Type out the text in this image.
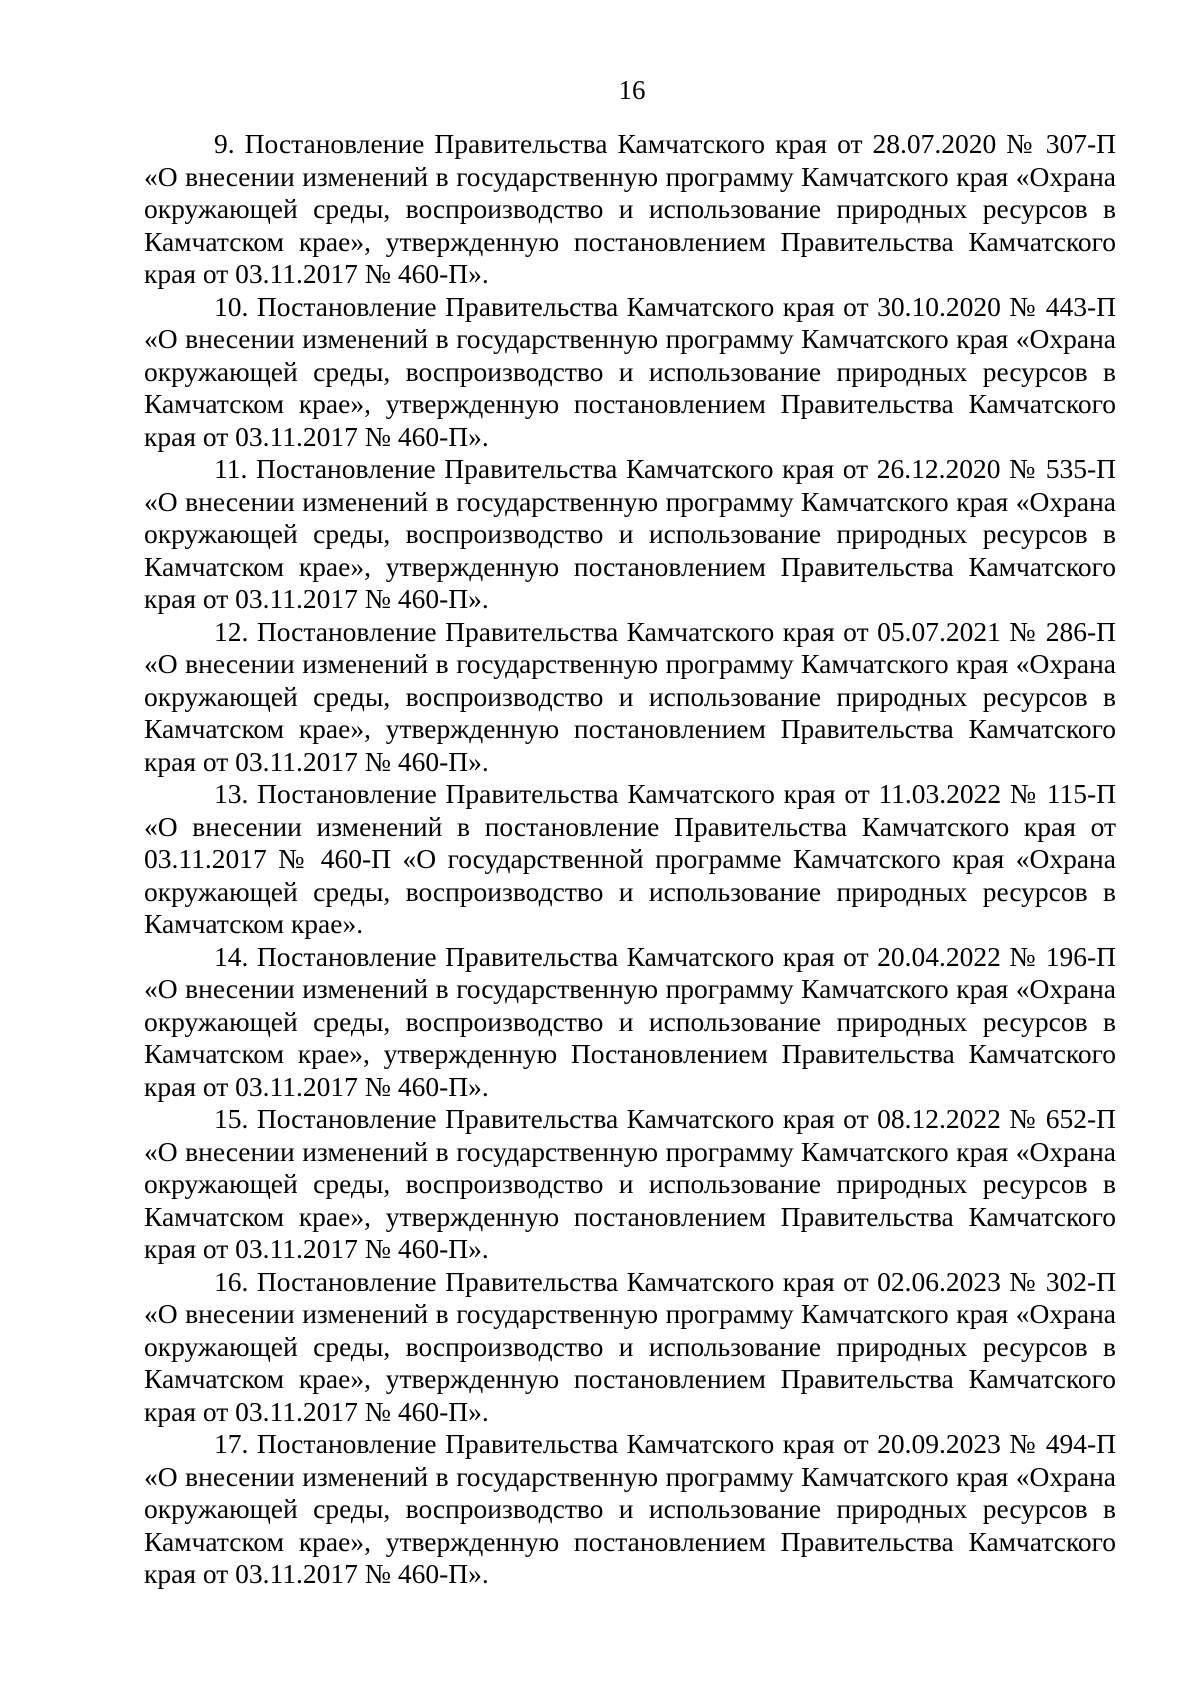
16

9. Постановление Правительства Камчатского края от 28.07.2020 № 307-П «О внесении изменений в государственную программу Камчатского края «Охрана окружающей среды, воспроизводство и использование природных ресурсов в Камчатском крае», утвержденную постановлением Правительства Камчатского края от 03.11.2017 № 460-П».

10. Постановление Правительства Камчатского края от 30.10.2020 № 443-П «О внесении изменений в государственную программу Камчатского края «Охрана окружающей среды, воспроизводство и использование природных ресурсов в Камчатском крае», утвержденную постановлением Правительства Камчатского края от 03.11.2017 № 460-П».

11. Постановление Правительства Камчатского края от 26.12.2020 № 535-П «О внесении изменений в государственную программу Камчатского края «Охрана окружающей среды, воспроизводство и использование природных ресурсов в Камчатском крае», утвержденную постановлением Правительства Камчатского края от 03.11.2017 № 460-П».

12. Постановление Правительства Камчатского края от 05.07.2021 № 286-П «О внесении изменений в государственную программу Камчатского края «Охрана окружающей среды, воспроизводство и использование природных ресурсов в Камчатском крае», утвержденную постановлением Правительства Камчатского края от 03.11.2017 № 460-П».

13. Постановление Правительства Камчатского края от 11.03.2022 № 115-П «О внесении изменений в постановление Правительства Камчатского края от 03.11.2017 № 460-П «О государственной программе Камчатского края «Охрана окружающей среды, воспроизводство и использование природных ресурсов в Камчатском крае».

14. Постановление Правительства Камчатского края от 20.04.2022 № 196-П «О внесении изменений в государственную программу Камчатского края «Охрана окружающей среды, воспроизводство и использование природных ресурсов в Камчатском крае», утвержденную Постановлением Правительства Камчатского края от 03.11.2017 № 460-П».

15. Постановление Правительства Камчатского края от 08.12.2022 № 652-П «О внесении изменений в государственную программу Камчатского края «Охрана окружающей среды, воспроизводство и использование природных ресурсов в Камчатском крае», утвержденную постановлением Правительства Камчатского края от 03.11.2017 № 460-П».

16. Постановление Правительства Камчатского края от 02.06.2023 № 302-П «О внесении изменений в государственную программу Камчатского края «Охрана окружающей среды, воспроизводство и использование природных ресурсов в Камчатском крае», утвержденную постановлением Правительства Камчатского края от 03.11.2017 № 460-П».

17. Постановление Правительства Камчатского края от 20.09.2023 № 494-П «О внесении изменений в государственную программу Камчатского края «Охрана окружающей среды, воспроизводство и использование природных ресурсов в Камчатском крае», утвержденную постановлением Правительства Камчатского края от 03.11.2017 № 460-П».
